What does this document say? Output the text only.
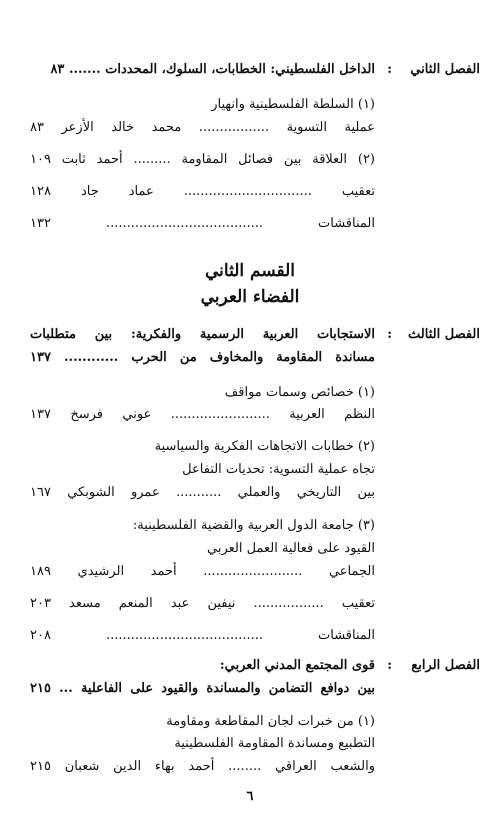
الفصل الثاني
:
الداخل الفلسطيني: الخطابات، السلوك، المحددات ....... ٨٣
(١) السلطة الفلسطينية وانهيار
عملية التسوية ................. محمد خالد الأزعر ٨٣
(٢) العلاقة بين فصائل المقاومة ......... أحمد ثابت ١٠٩
تعقيب ............................... عماد جاد ١٢٨
المناقشات ...................................... ١٣٢
القسم الثاني
الفضاء العربي
الفصل الثالث
:
الاستجابات العربية الرسمية والفكرية: بين متطلبات
مساندة المقاومة والمخاوف من الحرب ............ ١٣٧
(١) خصائص وسمات مواقف
النظم العربية ........................ عوني فرسخ ١٣٧
(٢) خطابات الاتجاهات الفكرية والسياسية
تجاه عملية التسوية: تحديات التفاعل
بين التاريخي والعملي ........... عمرو الشوبكي ١٦٧
(٣) جامعة الدول العربية والقضية الفلسطينية:
القيود على فعالية العمل العربي
الجماعي ........................ أحمد الرشيدي ١٨٩
تعقيب ................. نيفين عبد المنعم مسعد ٢٠٣
المناقشات ...................................... ٢٠٨
الفصل الرابع
:
قوى المجتمع المدني العربي:
بين دوافع التضامن والمساندة والقيود على الفاعلية ... ٢١٥
(١) من خبرات لجان المقاطعة ومقاومة
التطبيع ومساندة المقاومة الفلسطينية
والشعب العراقي ........ أحمد بهاء الدين شعبان ٢١٥
٦
